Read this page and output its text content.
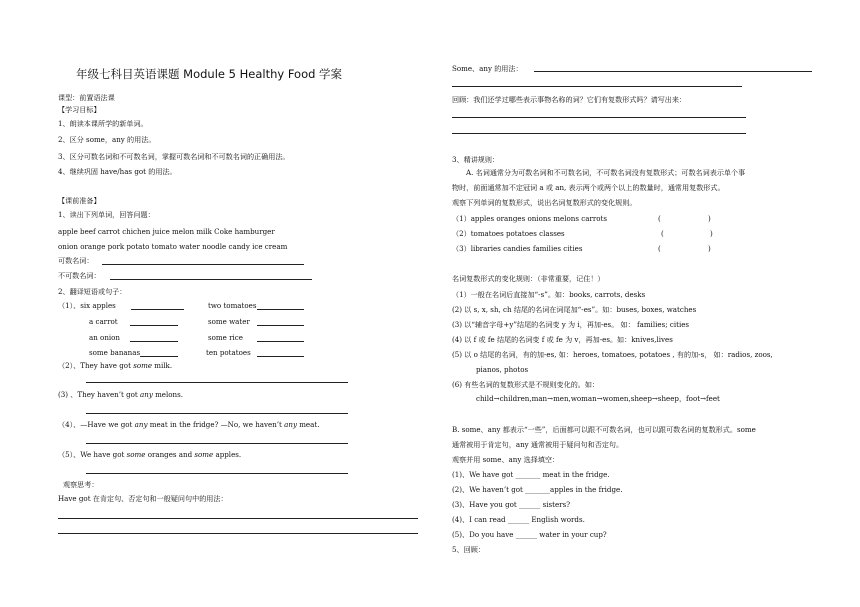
年级七科目英语课题 Module 5 Healthy Food 学案
课型：前置语法课
【学习目标】
1、朗读本课所学的新单词。
2、区分 some，any 的用法。
3、区分可数名词和不可数名词，掌握可数名词和不可数名词的正确用法。
4、继续巩固 have/has got 的用法。
【课前准备】
1、读出下列单词，回答问题：
apple beef carrot chichen juice melon milk Coke hamburger
onion orange pork potato tomato water noodle candy ice cream
可数名词：
不可数名词：
2、翻译短语或句子：
（1）、six apples	two tomatoes
a carrot	some water
an onion	some rice
some bananas	ten potatoes
（2）、They have got some milk.
(3) 、They haven’t got any melons.
（4）、—Have we got any meat in the fridge? —No, we haven’t any meat.
（5）、We have got some oranges and some apples.
观察思考：
Have got 在肯定句、否定句和一般疑问句中的用法：
Some、any 的用法：
回顾：我们还学过哪些表示事物名称的词？它们有复数形式吗？请写出来：
3、精讲规则：
A. 名词通常分为可数名词和不可数名词，不可数名词没有复数形式；可数名词表示单个事
物时，前面通常加不定冠词 a 或 an, 表示两个或两个以上的数量时，通常用复数形式。
观察下列单词的复数形式，说出名词复数形式的变化规则。
（1）apples oranges onions melons carrots	(	)
（2）tomatoes potatoes classes	(	)
（3）libraries candies families cities	(	)
名词复数形式的变化规则：（非常重要，记住！）
（1）一般在名词后直接加“-s”。如：books, carrots, desks
(2) 以 s, x, sh, ch 结尾的名词在词尾加“-es”。如：buses, boxes, watches
(3) 以“辅音字母+y”结尾的名词变 y 为 i，再加-es。 如： families; cities
(4) 以 f 或 fe 结尾的名词变 f 或 fe 为 v，再加-es。如：knives,lives
(5) 以 o 结尾的名词，有的加-es, 如：heroes, tomatoes, potatoes , 有的加-s， 如：radios, zoos,
pianos, photos
(6) 有些名词的复数形式是不规则变化的。如：
child→children,man→men,woman→women,sheep→sheep，foot→feet
B. some、any 都表示“一些”，后面都可以跟不可数名词，也可以跟可数名词的复数形式。some
通常被用于肯定句，any 通常被用于疑问句和否定句。
观察并用 some、any 选择填空：
(1)、We have got _______ meat in the fridge.
(2)、We haven’t got _______apples in the fridge.
(3)、Have you got ______ sisters?
(4)、I can read ______ English words.
(5)、Do you have ______ water in your cup?
5、回顾：
